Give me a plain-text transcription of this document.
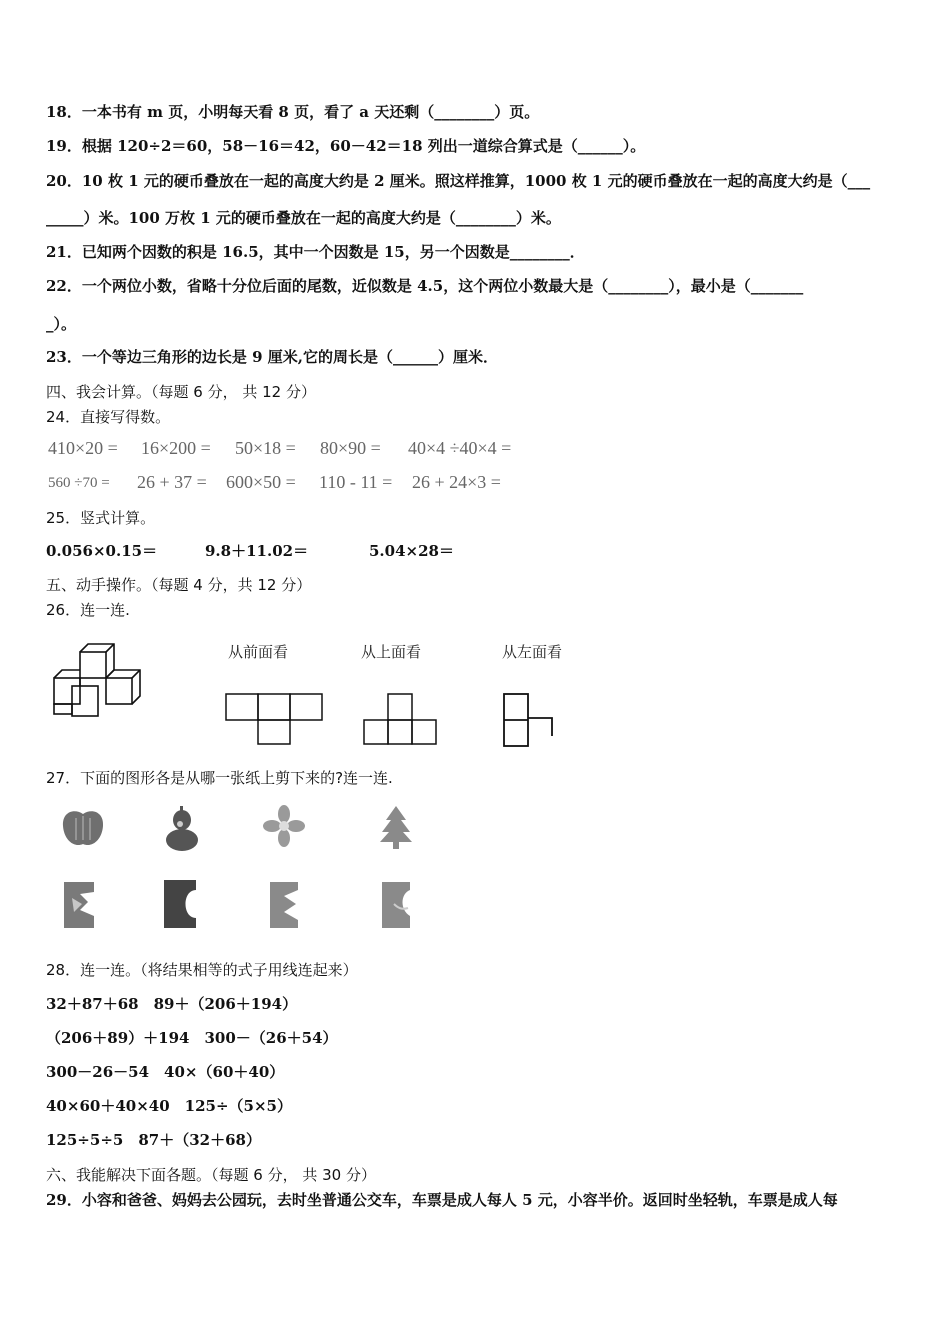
18．一本书有 m 页，小明每天看 8 页，看了 a 天还剩（________）页。
19．根据 120÷2＝60，58－16＝42，60－42＝18 列出一道综合算式是（______）。
20．10 枚 1 元的硬币叠放在一起的高度大约是 2 厘米。照这样推算，1000 枚 1 元的硬币叠放在一起的高度大约是（___
_____）米。100 万枚 1 元的硬币叠放在一起的高度大约是（________）米。
21．已知两个因数的积是 16.5，其中一个因数是 15，另一个因数是________．
22．一个两位小数，省略十分位后面的尾数，近似数是 4.5，这个两位小数最大是（________），最小是（_______
_）。
23．一个等边三角形的边长是 9 厘米,它的周长是（______）厘米．
四、我会计算。（每题 6 分， 共 12 分）
24．直接写得数。
410×20 = 16×200 = 50×18 = 80×90 = 40×4 ÷40×4 =
560 ÷70 = 26 + 37 = 600×50 = 110 - 11 = 26 + 24×3 =
25．竖式计算。
0.056×0.15＝	9.8＋11.02＝	5.04×28＝
五、动手操作。（每题 4 分，共 12 分）
26．连一连.
从前面看	从上面看	从左面看
27．下面的图形各是从哪一张纸上剪下来的?连一连.
28．连一连。（将结果相等的式子用线连起来）
32＋87＋68　89＋（206＋194）
（206＋89）＋194　300－（26＋54）
300－26－54　40×（60＋40）
40×60＋40×40　125÷（5×5）
125÷5÷5　87＋（32＋68）
六、我能解决下面各题。（每题 6 分， 共 30 分）
29．小容和爸爸、妈妈去公园玩，去时坐普通公交车，车票是成人每人 5 元，小容半价。返回时坐轻轨，车票是成人每
